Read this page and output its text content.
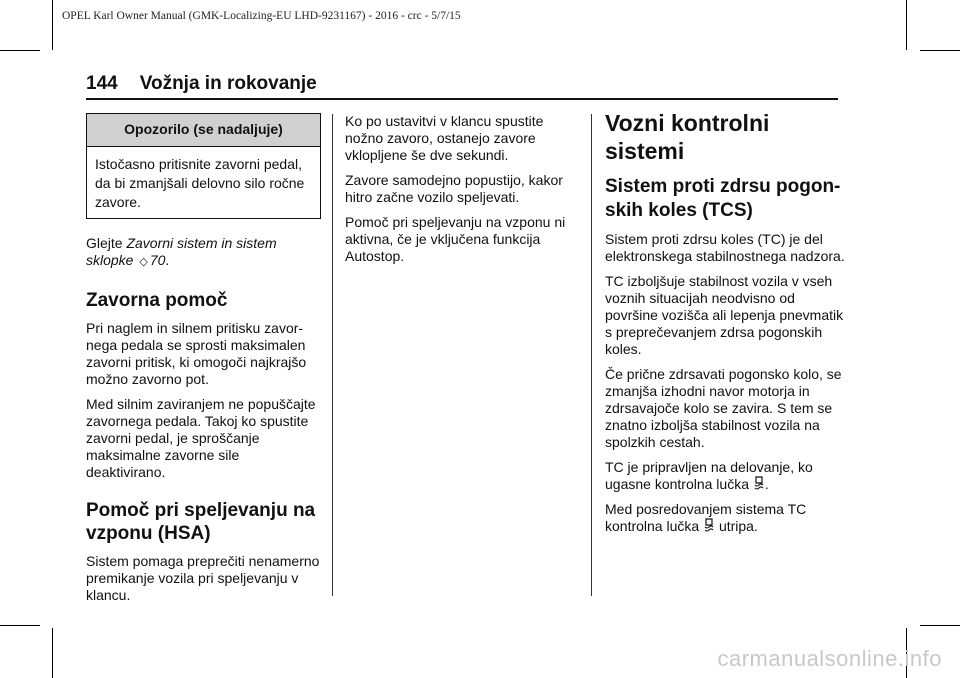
OPEL Karl Owner Manual (GMK-Localizing-EU LHD-9231167) - 2016 - crc - 5/7/15
144 Vožnja in rokovanje
Opozorilo (se nadaljuje)
Istočasno pritisnite zavorni pedal, da bi zmanjšali delovno silo ročne zavore.

Glejte Zavorni sistem in sistem sklopke ◇ 70.

Zavorna pomoč

Pri naglem in silnem pritisku zavor-nega pedala se sprosti maksimalen zavorni pritisk, ki omogoči najkrajšo možno zavorno pot.

Med silnim zaviranjem ne popuščajte zavornega pedala. Takoj ko spustite zavorni pedal, je sproščanje maksimalne zavorne sile deaktivirano.

Pomoč pri speljevanju na vzponu (HSA)

Sistem pomaga preprečiti nenamerno premikanje vozila pri speljevanju v klancu.

Ko po ustavitvi v klancu spustite nožno zavoro, ostanejo zavore vklopljene še dve sekundi.

Zavore samodejno popustijo, kakor hitro začne vozilo speljevati.

Pomoč pri speljevanju na vzponu ni aktivna, če je vključena funkcija Autostop.

Vozni kontrolni sistemi
Sistem proti zdrsu pogon-skih koles (TCS)

Sistem proti zdrsu koles (TC) je del elektronskega stabilnostnega nadzora.

TC izboljšuje stabilnost vozila v vseh voznih situacijah neodvisno od površine vozišča ali lepenja pnevmatik s preprečevanjem zdrsa pogonskih koles.

Če prične zdrsavati pogonsko kolo, se zmanjša izhodni navor motorja in zdrsavajoče kolo se zavira. S tem se znatno izboljša stabilnost vozila na spolzkih cestah.

TC je pripravljen na delovanje, ko ugasne kontrolna lučka .

Med posredovanjem sistema TC kontrolna lučka  utripa.

carmanualsonline.info
